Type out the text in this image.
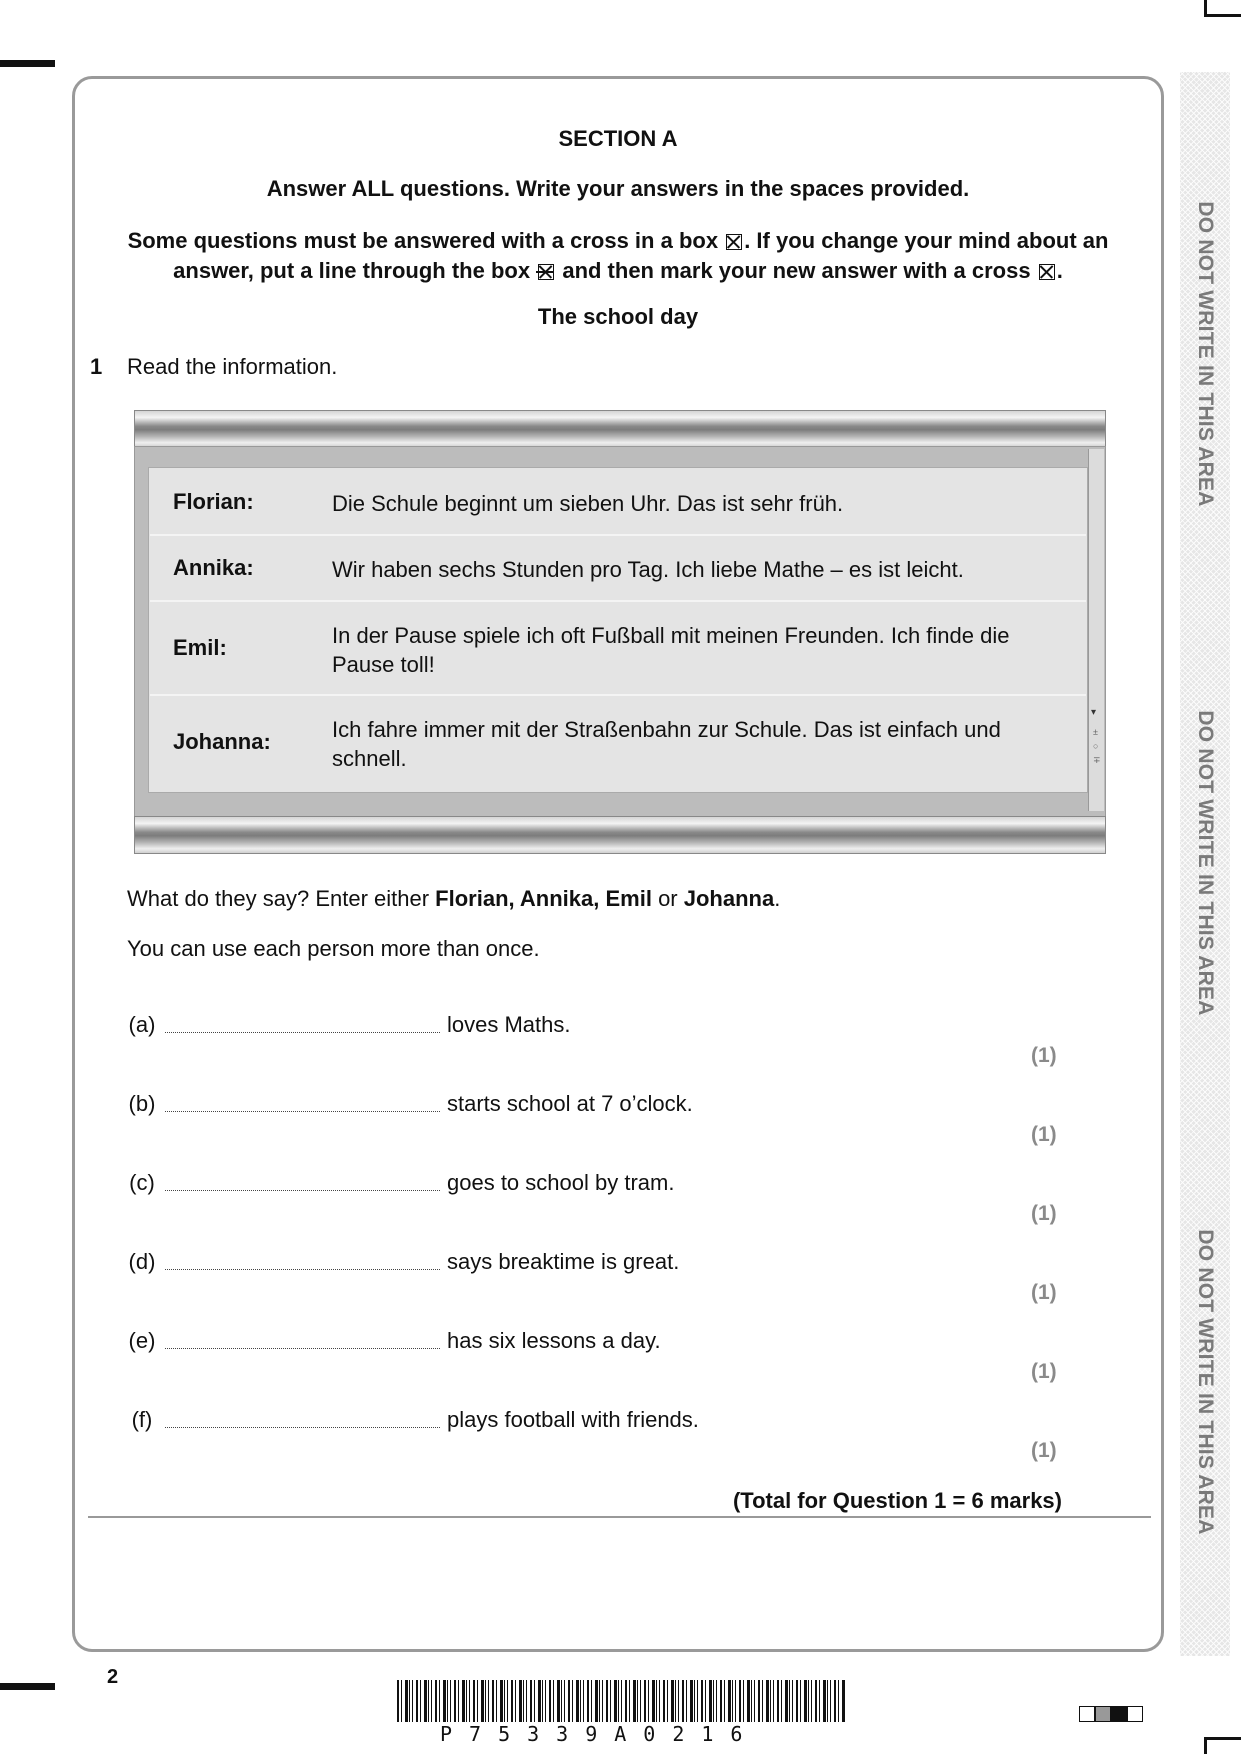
DO NOT WRITE IN THIS AREA
DO NOT WRITE IN THIS AREA
DO NOT WRITE IN THIS AREA
SECTION A
Answer ALL questions. Write your answers in the spaces provided.
Some questions must be answered with a cross in a box ☒ . If you change your mind about an answer, put a line through the box and then mark your new answer with a cross ☒ .
The school day
1 Read the information.
▾
±
○
∓
Florian:	Die Schule beginnt um sieben Uhr. Das ist sehr früh.
Annika:	Wir haben sechs Stunden pro Tag. Ich liebe Mathe – es ist leicht.
Emil:	In der Pause spiele ich oft Fußball mit meinen Freunden. Ich finde die Pause toll!
Johanna:	Ich fahre immer mit der Straßenbahn zur Schule. Das ist einfach und schnell.
What do they say? Enter either Florian, Annika, Emil or Johanna.
You can use each person more than once.
(a)	loves Maths.
(1)
(b)	starts school at 7 o’clock.
(1)
(c)	goes to school by tram.
(1)
(d)	says breaktime is great.
(1)
(e)	has six lessons a day.
(1)
(f)	plays football with friends.
(1)
(Total for Question 1 = 6 marks)
2
P75339A0216
